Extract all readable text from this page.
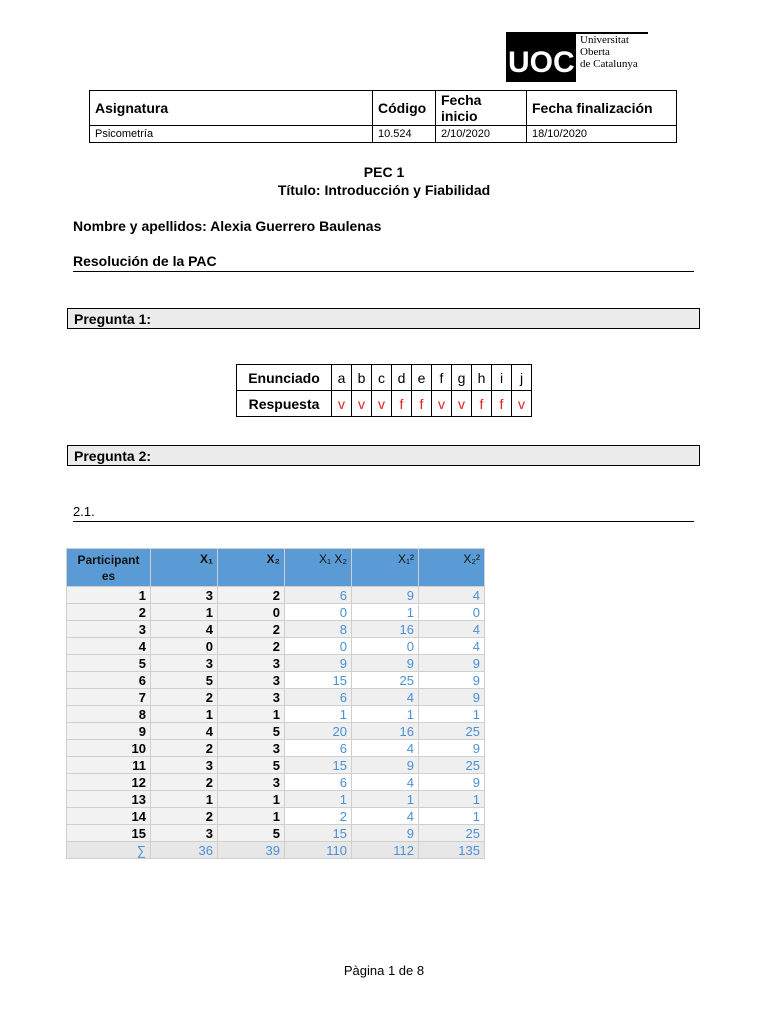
UOC
Universitat
Oberta
de Catalunya
Asignatura	Código	Fecha inicio	Fecha finalización
Psicometría	10.524	2/10/2020	18/10/2020
PEC 1
Título: Introducción y Fiabilidad
Nombre y apellidos: Alexia Guerrero Baulenas
Resolución de la PAC
Pregunta 1:
Enunciado	a	b	c	d	e	f	g	h	i	j
Respuesta	v	v	v	f	f	v	v	f	f	v
Pregunta 2:
2.1.
Participant es	X₁	X₂	X₁ X₂	X₁²	X₂²
1	3	2	6	9	4
2	1	0	0	1	0
3	4	2	8	16	4
4	0	2	0	0	4
5	3	3	9	9	9
6	5	3	15	25	9
7	2	3	6	4	9
8	1	1	1	1	1
9	4	5	20	16	25
10	2	3	6	4	9
11	3	5	15	9	25
12	2	3	6	4	9
13	1	1	1	1	1
14	2	1	2	4	1
15	3	5	15	9	25
∑	36	39	110	112	135
Pàgina 1 de 8
